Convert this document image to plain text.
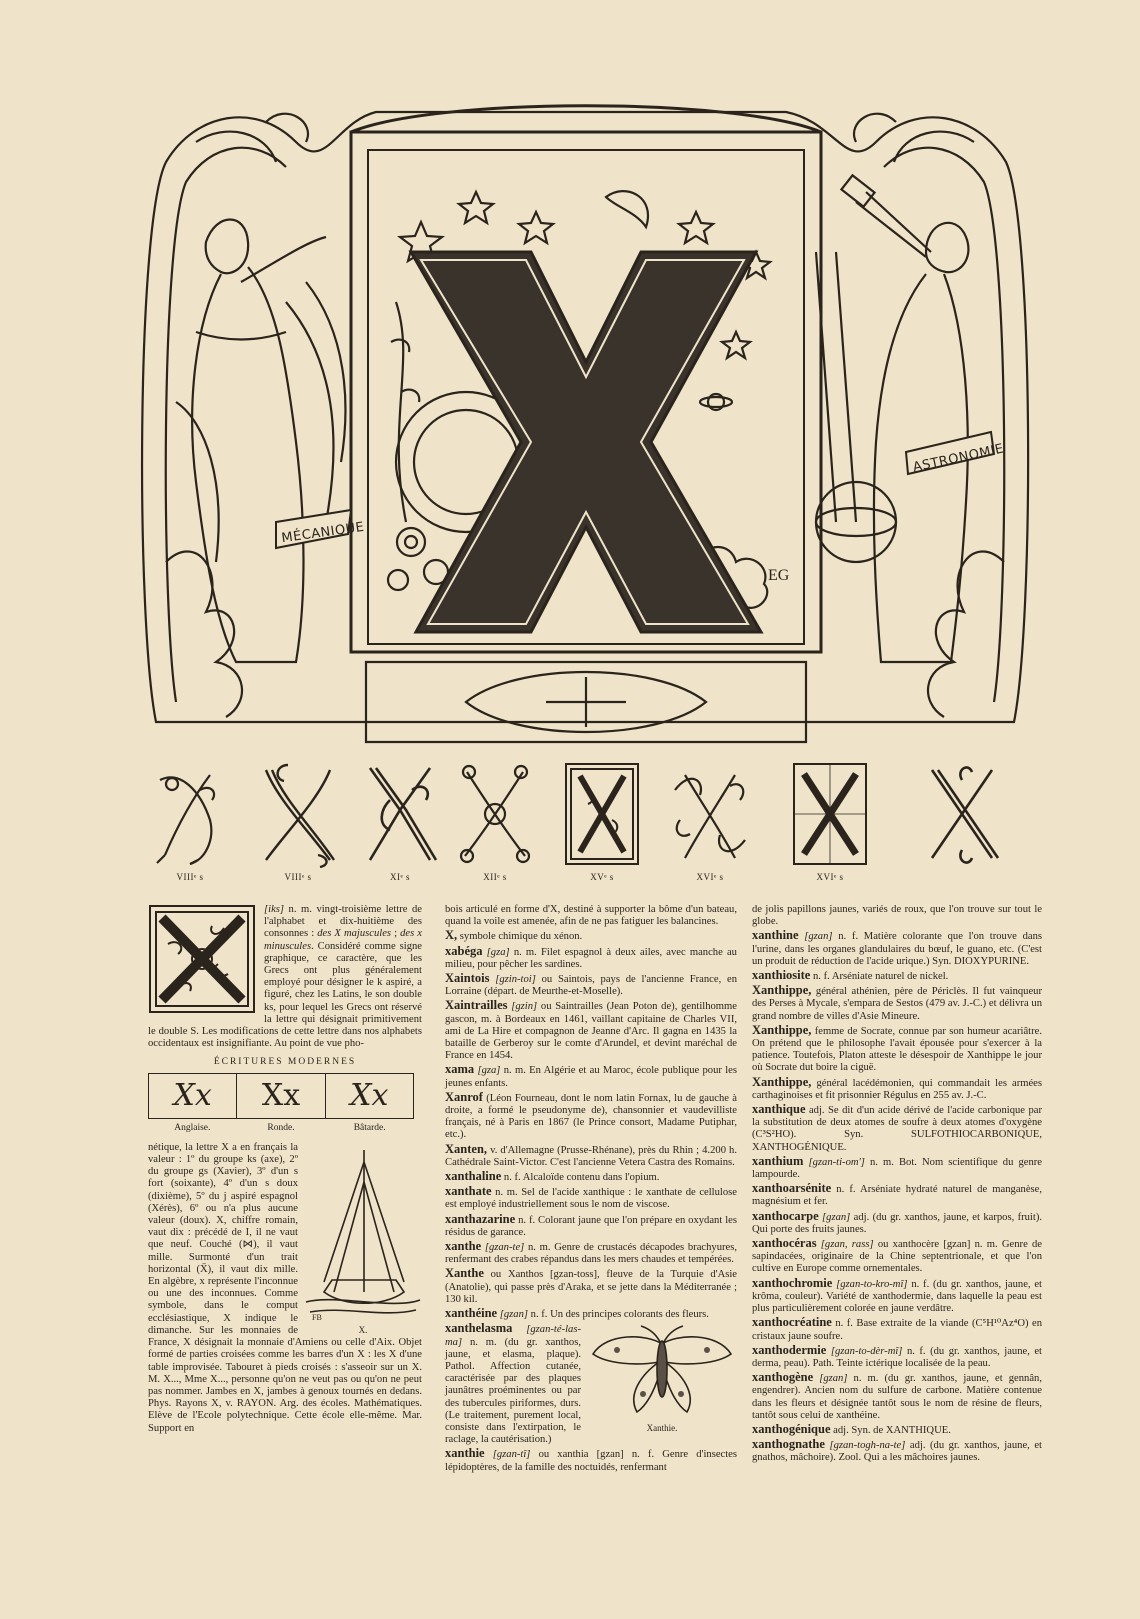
MÉCANIQUE
ASTRONOMIE
EG
VIIIᵉ s	VIIIᵉ s	XIᵉ s	XIIᵉ s	XVᵉ s	XVIᵉ s	XVIᵉ s

[iks] n. m. vingt-troisième lettre de l'alphabet et dix-huitième des consonnes : des X majuscules ; des x minuscules. Considéré comme signe graphique, ce caractère, que les Grecs ont plus généralement employé pour désigner le k aspiré, a figuré, chez les Latins, le son double ks, pour lequel les Grecs ont réservé la lettre qui désignait primitivement le double S. Les modifications de cette lettre dans nos alphabets occidentaux est insignifiante. Au point de vue pho-

ÉCRITURES MODERNES
Xx	Xx	Xx
Anglaise.	Ronde.	Bâtarde.
FB
X.

nétique, la lettre X a en français la valeur : 1º du groupe ks (axe), 2º du groupe gs (Xavier), 3º d'un s fort (soixante), 4º d'un s doux (dixième), 5º du j aspiré espagnol (Xérès), 6º ou n'a plus aucune valeur (doux). X, chiffre romain, vaut dix : précédé de I, il ne vaut que neuf. Couché (⋈), il vaut mille. Surmonté d'un trait horizontal (X̄), il vaut dix mille. En algèbre, x représente l'inconnue ou une des inconnues. Comme symbole, dans le comput ecclésiastique, X indique le dimanche. Sur les monnaies de France, X désignait la monnaie d'Amiens ou celle d'Aix. Objet formé de parties croisées comme les barres d'un X : les X d'une table improvisée. Tabouret à pieds croisés : s'asseoir sur un X. M. X..., Mme X..., personne qu'on ne veut pas ou qu'on ne peut pas nommer. Jambes en X, jambes à genoux tournés en dedans. Phys. Rayons X, v. RAYON. Arg. des écoles. Mathématiques. Elève de l'Ecole polytechnique. Cette école elle-même. Mar. Support en

bois articulé en forme d'X, destiné à supporter la bôme d'un bateau, quand la voile est amenée, afin de ne pas fatiguer les balancines.

X, symbole chimique du xénon.

xabéga [gza] n. m. Filet espagnol à deux ailes, avec manche au milieu, pour pêcher les sardines.

Xaintois [gzin-toi] ou Saintois, pays de l'ancienne France, en Lorraine (départ. de Meurthe-et-Moselle).

Xaintrailles [gzin] ou Saintrailles (Jean Poton de), gentilhomme gascon, m. à Bordeaux en 1461, vaillant capitaine de Charles VII, ami de La Hire et compagnon de Jeanne d'Arc. Il gagna en 1435 la bataille de Gerberoy sur le comte d'Arundel, et devint maréchal de France en 1454.

xama [gza] n. m. En Algérie et au Maroc, école publique pour les jeunes enfants.

Xanrof (Léon Fourneau, dont le nom latin Fornax, lu de gauche à droite, a formé le pseudonyme de), chansonnier et vaudevilliste français, né à Paris en 1867 (le Prince consort, Madame Putiphar, etc.).

Xanten, v. d'Allemagne (Prusse-Rhénane), près du Rhin ; 4.200 h. Cathédrale Saint-Victor. C'est l'ancienne Vetera Castra des Romains.

xanthaline n. f. Alcaloïde contenu dans l'opium.

xanthate n. m. Sel de l'acide xanthique : le xanthate de cellulose est employé industriellement sous le nom de viscose.

xanthazarine n. f. Colorant jaune que l'on prépare en oxydant les résidus de garance.

xanthe [gzan-te] n. m. Genre de crustacés décapodes brachyures, renfermant des crabes répandus dans les mers chaudes et tempérées.

Xanthe ou Xanthos [gzan-toss], fleuve de la Turquie d'Asie (Anatolie), qui passe près d'Araka, et se jette dans la Méditerranée ; 130 kil.

xanthéine [gzan] n. f. Un des principes colorants des fleurs.

Xanthie.

xanthelasma [gzan-té-las-ma] n. m. (du gr. xanthos, jaune, et elasma, plaque). Pathol. Affection cutanée, caractérisée par des plaques jaunâtres proéminentes ou par des tubercules piriformes, durs. (Le traitement, purement local, consiste dans l'extirpation, le raclage, la cautérisation.)

xanthie [gzan-tî] ou xanthia [gzan] n. f. Genre d'insectes lépidoptères, de la famille des noctuidés, renfermant

de jolis papillons jaunes, variés de roux, que l'on trouve sur tout le globe.

xanthine [gzan] n. f. Matière colorante que l'on trouve dans l'urine, dans les organes glandulaires du bœuf, le guano, etc. (C'est un produit de réduction de l'acide urique.) Syn. DIOXYPURINE.

xanthiosite n. f. Arséniate naturel de nickel.

Xanthippe, général athénien, père de Périclès. Il fut vainqueur des Perses à Mycale, s'empara de Sestos (479 av. J.-C.) et délivra un grand nombre de villes d'Asie Mineure.

Xanthippe, femme de Socrate, connue par son humeur acariâtre. On prétend que le philosophe l'avait épousée pour s'exercer à la patience. Toutefois, Platon atteste le désespoir de Xanthippe le jour où Socrate dut boire la ciguë.

Xanthippe, général lacédémonien, qui commandait les armées carthaginoises et fit prisonnier Régulus en 255 av. J.-C.

xanthique adj. Se dit d'un acide dérivé de l'acide carbonique par la substitution de deux atomes de soufre à deux atomes d'oxygène (C³S²HO). Syn. SULFOTHIOCARBONIQUE, XANTHOGÉNIQUE.

xanthium [gzan-ti-om'] n. m. Bot. Nom scientifique du genre lampourde.

xanthoarsénite n. f. Arséniate hydraté naturel de manganèse, magnésium et fer.

xanthocarpe [gzan] adj. (du gr. xanthos, jaune, et karpos, fruit). Qui porte des fruits jaunes.

xanthocéras [gzan, rass] ou xanthocère [gzan] n. m. Genre de sapindacées, originaire de la Chine septentrionale, et que l'on cultive en Europe comme ornementales.

xanthochromie [gzan-to-kro-mî] n. f. (du gr. xanthos, jaune, et krôma, couleur). Variété de xanthodermie, dans laquelle la peau est plus particulièrement colorée en jaune verdâtre.

xanthocréatine n. f. Base extraite de la viande (C⁵H¹⁰Az⁴O) en cristaux jaune soufre.

xanthodermie [gzan-to-dèr-mî] n. f. (du gr. xanthos, jaune, et derma, peau). Path. Teinte ictérique localisée de la peau.

xanthogène [gzan] n. m. (du gr. xanthos, jaune, et gennân, engendrer). Ancien nom du sulfure de carbone. Matière contenue dans les fleurs et désignée tantôt sous le nom de résine de fleurs, tantôt sous celui de xanthéine.

xanthogénique adj. Syn. de XANTHIQUE.

xanthognathe [gzan-togh-na-te] adj. (du gr. xanthos, jaune, et gnathos, mâchoire). Zool. Qui a les mâchoires jaunes.
